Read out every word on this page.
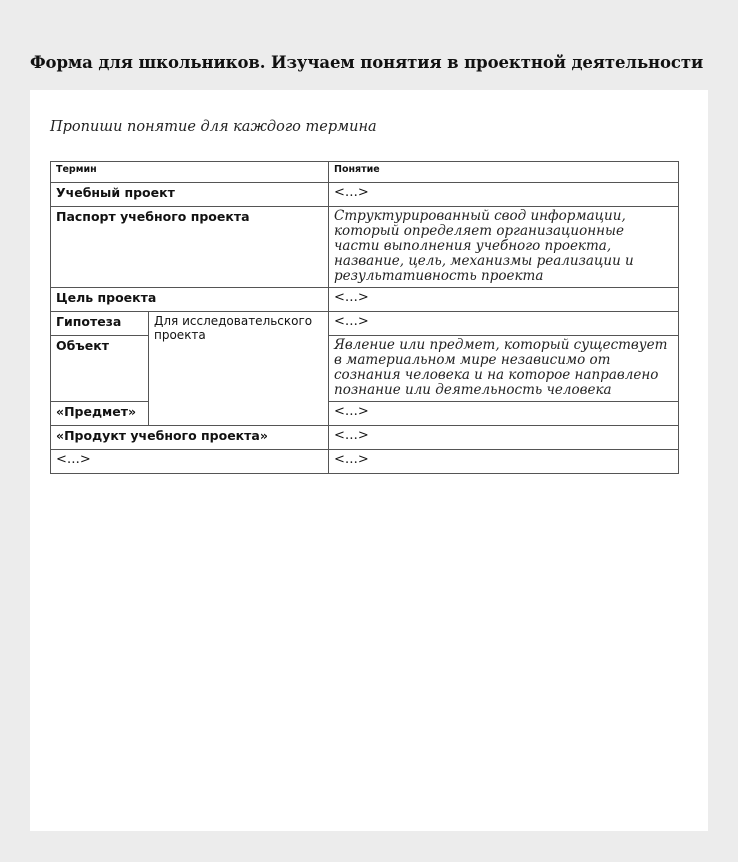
Форма для школьников. Изучаем понятия в проектной деятельности

Пропиши понятие для каждого термина

Термин		Понятие
Учебный проект		<…>
Паспорт учебного проекта		Структурированный свод информации, который определяет организационные части выполнения учебного проекта, название, цель, механизмы реализации и результативность проекта
Цель проекта		<…>
Гипотеза	Для исследовательского проекта	<…>
Объект		Явление или предмет, который существует в материальном мире независимо от сознания человека и на которое направлено познание или деятельность человека
«Предмет»		<…>
«Продукт учебного проекта»		<…>
<…>		<…>
